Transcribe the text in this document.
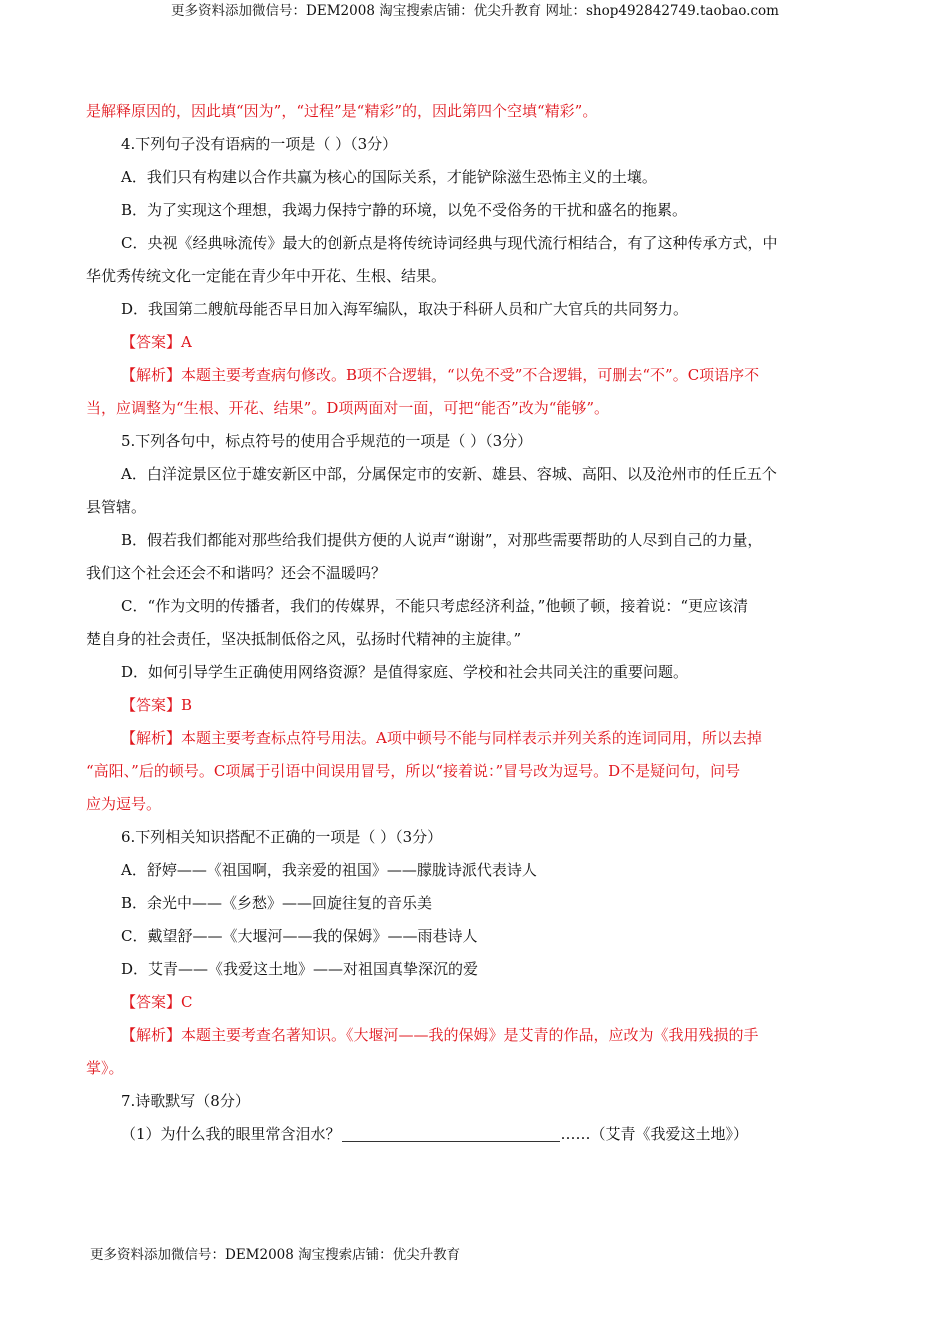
更多资料添加微信号：DEM2008 淘宝搜索店铺：优尖升教育 网址：shop492842749.taobao.com
是解释原因的，因此填“因为”，“过程”是“精彩”的，因此第四个空填“精彩”。
4.下列句子没有语病的一项是（ ）（3分）
A．我们只有构建以合作共赢为核心的国际关系，才能铲除滋生恐怖主义的土壤。
B．为了实现这个理想，我竭力保持宁静的环境，以免不受俗务的干扰和盛名的拖累。
C．央视《经典咏流传》最大的创新点是将传统诗词经典与现代流行相结合，有了这种传承方式，中
华优秀传统文化一定能在青少年中开花、生根、结果。
D．我国第二艘航母能否早日加入海军编队，取决于科研人员和广大官兵的共同努力。
【答案】A
【解析】本题主要考查病句修改。B项不合逻辑，“以免不受”不合逻辑，可删去“不”。C项语序不
当，应调整为“生根、开花、结果”。D项两面对一面，可把“能否”改为“能够”。
5.下列各句中，标点符号的使用合乎规范的一项是（ ）（3分）
A．白洋淀景区位于雄安新区中部，分属保定市的安新、雄县、容城、高阳、以及沧州市的任丘五个
县管辖。
B．假若我们都能对那些给我们提供方便的人说声“谢谢”，对那些需要帮助的人尽到自己的力量，
我们这个社会还会不和谐吗？还会不温暖吗？
C．“作为文明的传播者，我们的传媒界，不能只考虑经济利益，”他顿了顿，接着说：“更应该清
楚自身的社会责任，坚决抵制低俗之风，弘扬时代精神的主旋律。”
D．如何引导学生正确使用网络资源？是值得家庭、学校和社会共同关注的重要问题。
【答案】B
【解析】本题主要考查标点符号用法。A项中顿号不能与同样表示并列关系的连词同用，所以去掉
“高阳、”后的顿号。C项属于引语中间误用冒号，所以“接着说：”冒号改为逗号。D不是疑问句，问号
应为逗号。
6.下列相关知识搭配不正确的一项是（ ）（3分）
A．舒婷——《祖国啊，我亲爱的祖国》——朦胧诗派代表诗人
B．余光中——《乡愁》——回旋往复的音乐美
C．戴望舒——《大堰河——我的保姆》——雨巷诗人
D．艾青——《我爱这土地》——对祖国真挚深沉的爱
【答案】C
【解析】本题主要考查名著知识。《大堰河——我的保姆》是艾青的作品，应改为《我用残损的手
掌》。
7.诗歌默写（8分）
（1）为什么我的眼里常含泪水？	……（艾青《我爱这土地》）
更多资料添加微信号：DEM2008 淘宝搜索店铺：优尖升教育
